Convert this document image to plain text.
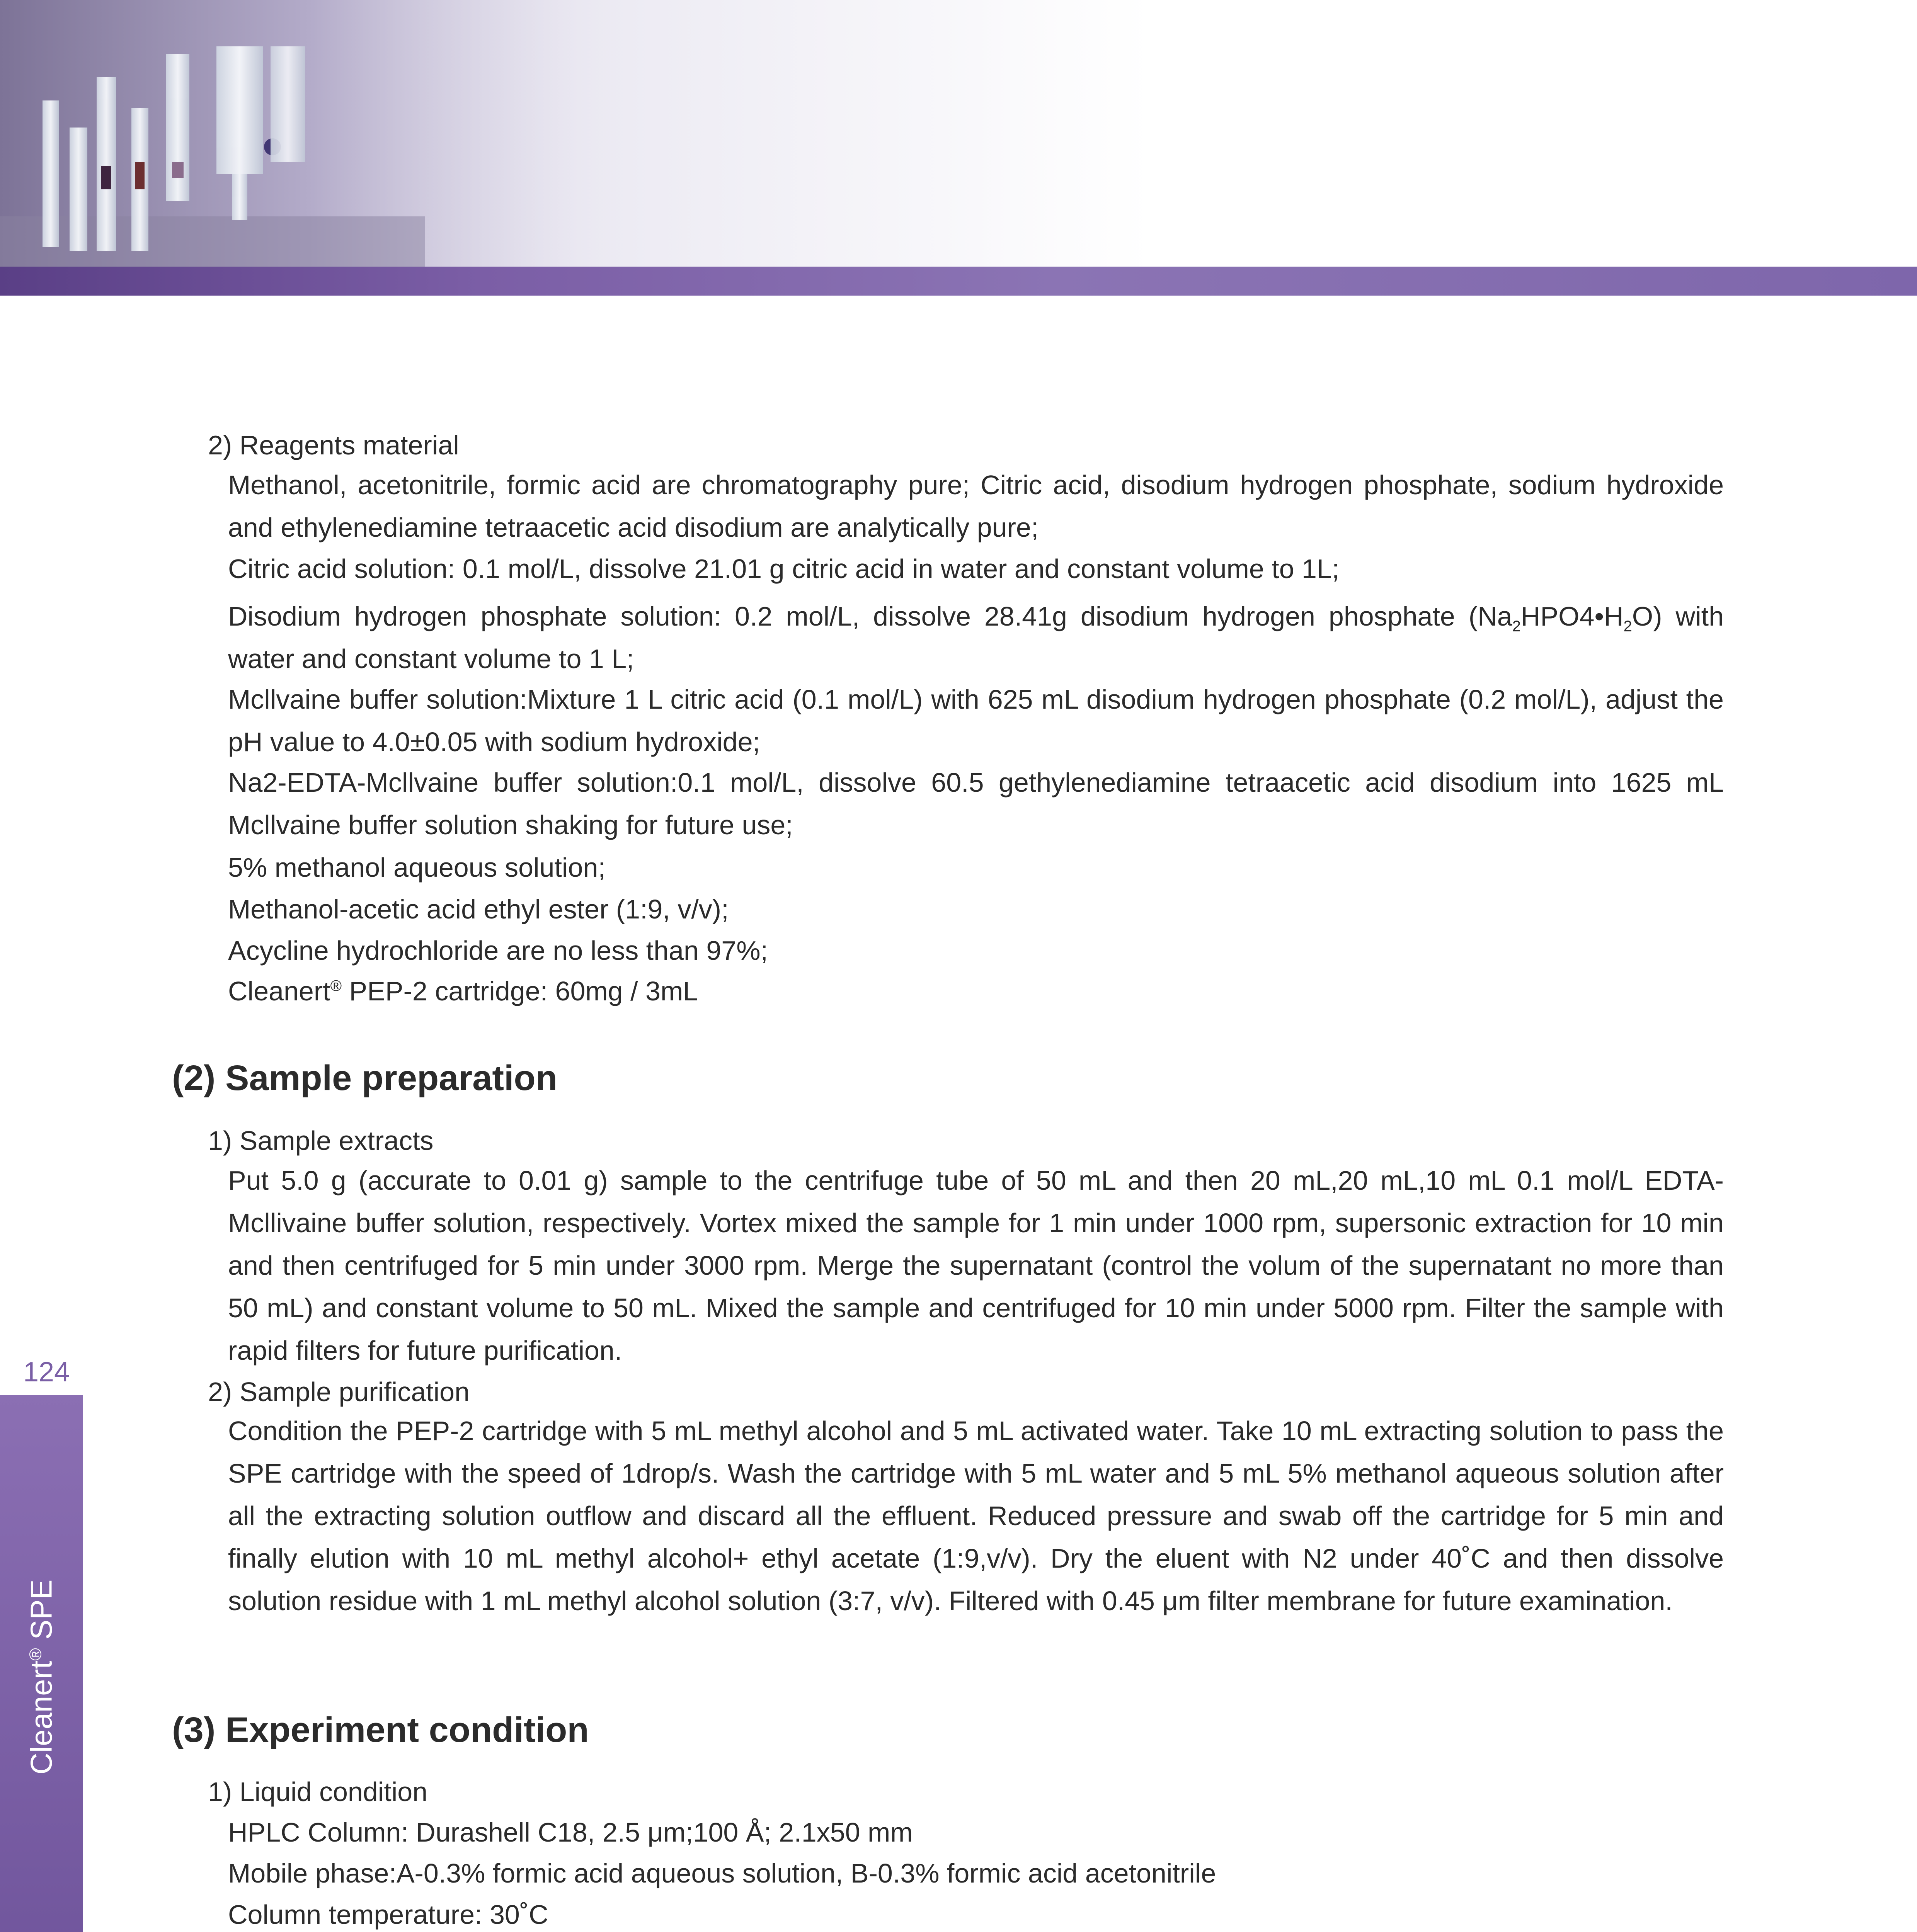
124

Cleanert® SPE

2) Reagents material

Methanol, acetonitrile, formic acid are chromatography pure; Citric acid, disodium hydrogen phosphate, sodium hydroxide and ethylenediamine tetraacetic acid disodium are analytically pure;

Citric acid solution: 0.1 mol/L, dissolve 21.01 g citric acid in water and constant volume to 1L;

Disodium hydrogen phosphate solution: 0.2 mol/L, dissolve 28.41g disodium hydrogen phosphate $(Na_2HPO4•H_2O)$ with water and constant volume to 1 L;

Mcllvaine buffer solution:Mixture 1 L citric acid (0.1 mol/L) with 625 mL disodium hydrogen phosphate (0.2 mol/L), adjust the pH value to 4.0±0.05 with sodium hydroxide;

Na2-EDTA-Mcllvaine buffer solution:0.1 mol/L, dissolve 60.5 gethylenediamine tetraacetic acid disodium into 1625 mL Mcllvaine buffer solution shaking for future use;

5% methanol aqueous solution;

Methanol-acetic acid ethyl ester (1:9, v/v);

Acycline hydrochloride are no less than 97%;

Cleanert® PEP-2 cartridge: 60mg / 3mL

(2) Sample preparation

1) Sample extracts

Put 5.0 g (accurate to 0.01 g) sample to the centrifuge tube of 50 mL and then 20 mL,20 mL,10 mL 0.1 mol/L EDTA-Mcllivaine buffer solution, respectively. Vortex mixed the sample for 1 min under 1000 rpm, supersonic extraction for 10 min and then centrifuged for 5 min under 3000 rpm. Merge the supernatant (control the volum of the supernatant no more than 50 mL) and constant volume to 50 mL. Mixed the sample and centrifuged for 10 min under 5000 rpm. Filter the sample with rapid filters for future purification.

2) Sample purification

Condition the PEP-2 cartridge with 5 mL methyl alcohol and 5 mL activated water. Take 10 mL extracting solution to pass the SPE cartridge with the speed of 1drop/s. Wash the cartridge with 5 mL water and 5 mL 5% methanol aqueous solution after all the extracting solution outflow and discard all the effluent. Reduced pressure and swab off the cartridge for 5 min and finally elution with 10 mL methyl alcohol+ ethyl acetate (1:9,v/v). Dry the eluent with N2 under 40˚C and then dissolve solution residue with 1 mL methyl alcohol solution (3:7, v/v). Filtered with 0.45 μm filter membrane for future examination.

(3) Experiment condition

1) Liquid condition

HPLC Column: Durashell C18, 2.5 μm;100 Å; 2.1x50 mm

Mobile phase:A-0.3% formic acid aqueous solution, B-0.3% formic acid acetonitrile

Column temperature: 30˚C
